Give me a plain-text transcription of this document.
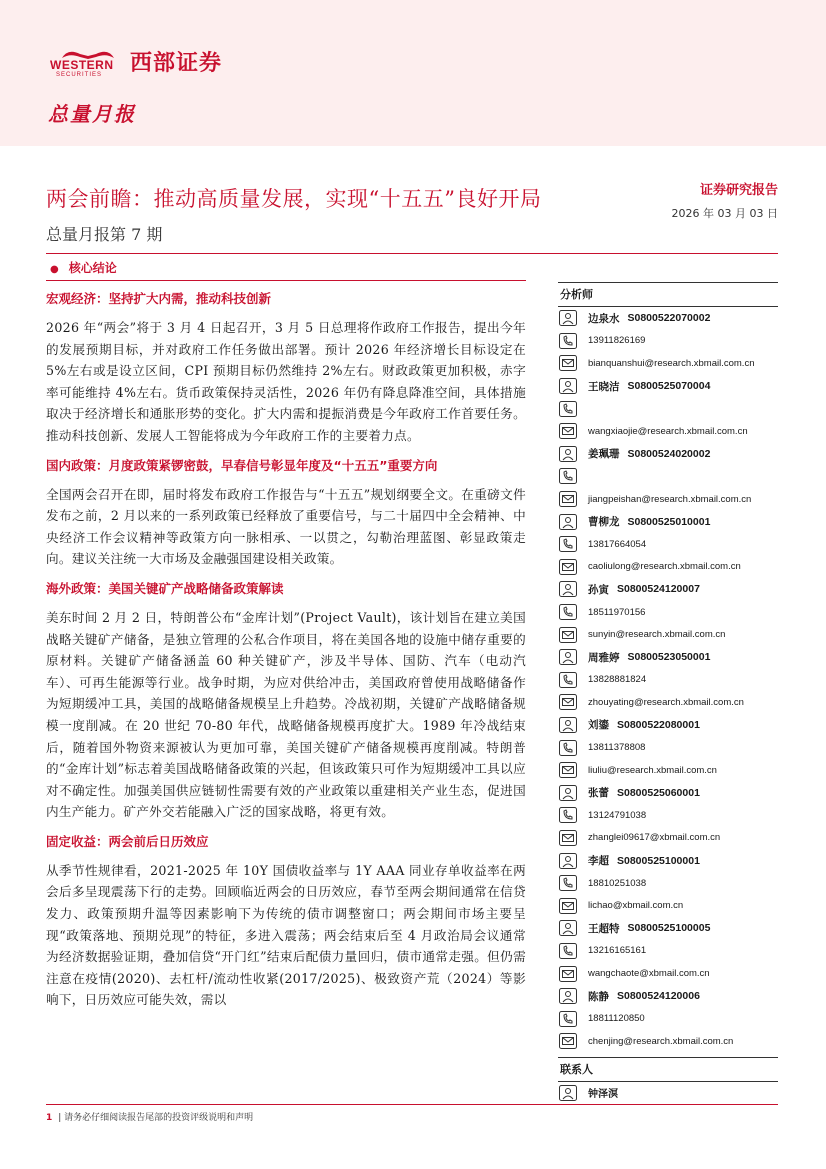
WESTERN
SECURITIES 西部证券
总量月报
两会前瞻：推动高质量发展，实现“十五五”良好开局
总量月报第 7 期
证券研究报告
2026 年 03 月 03 日
● 核心结论
宏观经济：坚持扩大内需，推动科技创新

2026 年“两会”将于 3 月 4 日起召开，3 月 5 日总理将作政府工作报告，提出今年的发展预期目标，并对政府工作任务做出部署。预计 2026 年经济增长目标设定在 5%左右或是设立区间，CPI 预期目标仍然维持 2%左右。财政政策更加积极，赤字率可能维持 4%左右。货币政策保持灵活性，2026 年仍有降息降准空间，具体措施取决于经济增长和通胀形势的变化。扩大内需和提振消费是今年政府工作首要任务。推动科技创新、发展人工智能将成为今年政府工作的主要着力点。

国内政策：月度政策紧锣密鼓，早春信号彰显年度及“十五五”重要方向

全国两会召开在即，届时将发布政府工作报告与“十五五”规划纲要全文。在重磅文件发布之前，2 月以来的一系列政策已经释放了重要信号，与二十届四中全会精神、中央经济工作会议精神等政策方向一脉相承、一以贯之，勾勒治理蓝图、彰显政策走向。建议关注统一大市场及金融强国建设相关政策。

海外政策：美国关键矿产战略储备政策解读

美东时间 2 月 2 日，特朗普公布“金库计划”(Project Vault)，该计划旨在建立美国战略关键矿产储备，是独立管理的公私合作项目，将在美国各地的设施中储存重要的原材料。关键矿产储备涵盖 60 种关键矿产，涉及半导体、国防、汽车（电动汽车）、可再生能源等行业。战争时期，为应对供给冲击，美国政府曾使用战略储备作为短期缓冲工具，美国的战略储备规模呈上升趋势。冷战初期，关键矿产战略储备规模一度削减。在 20 世纪 70-80 年代，战略储备规模再度扩大。1989 年冷战结束后，随着国外物资来源被认为更加可靠，美国关键矿产储备规模再度削减。特朗普的“金库计划”标志着美国战略储备政策的兴起，但该政策只可作为短期缓冲工具以应对不确定性。加强美国供应链韧性需要有效的产业政策以重建相关产业生态，促进国内生产能力。矿产外交若能融入广泛的国家战略，将更有效。

固定收益：两会前后日历效应

从季节性规律看，2021-2025 年 10Y 国债收益率与 1Y AAA 同业存单收益率在两会后多呈现震荡下行的走势。回顾临近两会的日历效应，春节至两会期间通常在信贷发力、政策预期升温等因素影响下为传统的债市调整窗口；两会期间市场主要呈现“政策落地、预期兑现”的特征，多进入震荡；两会结束后至 4 月政治局会议通常为经济数据验证期，叠加信贷“开门红”结束后配债力量回归，债市通常走强。但仍需注意在疫情(2020)、去杠杆/流动性收紧(2017/2025)、极致资产荒（2024）等影响下，日历效应可能失效，需以

分析师
边泉水 S0800522070002
13911826169
bianquanshui@research.xbmail.com.cn
王晓洁 S0800525070004
wangxiaojie@research.xbmail.com.cn
姜珮珊 S0800524020002
jiangpeishan@research.xbmail.com.cn
曹柳龙 S0800525010001
13817664054
caoliulong@research.xbmail.com.cn
孙寅 S0800524120007
18511970156
sunyin@research.xbmail.com.cn
周雅婷 S0800523050001
13828881824
zhouyating@research.xbmail.com.cn
刘鎏 S0800522080001
13811378808
liuliu@research.xbmail.com.cn
张蕾 S0800525060001
13124791038
zhanglei09617@xbmail.com.cn
李超 S0800525100001
18810251038
lichao@xbmail.com.cn
王超特 S0800525100005
13216165161
wangchaote@xbmail.com.cn
陈静 S0800524120006
18811120850
chenjing@research.xbmail.com.cn
联系人
钟泽溟
1 | 请务必仔细阅读报告尾部的投资评级说明和声明
